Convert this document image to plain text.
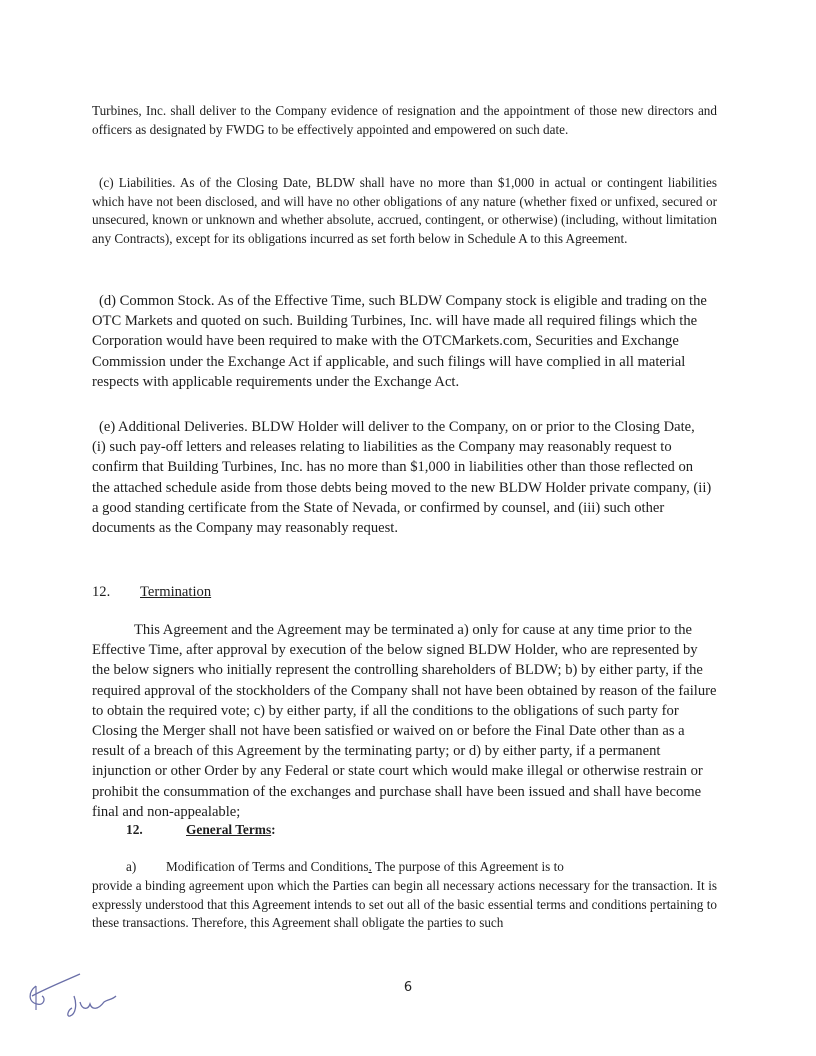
Turbines, Inc. shall deliver to the Company evidence of resignation and the appointment of those new directors and officers as designated by FWDG to be effectively appointed and empowered on such date.

(c) Liabilities. As of the Closing Date, BLDW shall have no more than $1,000 in actual or contingent liabilities which have not been disclosed, and will have no other obligations of any nature (whether fixed or unfixed, secured or unsecured, known or unknown and whether absolute, accrued, contingent, or otherwise) (including, without limitation any Contracts), except for its obligations incurred as set forth below in Schedule A to this Agreement.

(d) Common Stock. As of the Effective Time, such BLDW Company stock is eligible and trading on the OTC Markets and quoted on such. Building Turbines, Inc. will have made all required filings which the Corporation would have been required to make with the OTCMarkets.com, Securities and Exchange Commission under the Exchange Act if applicable, and such filings will have complied in all material respects with applicable requirements under the Exchange Act.

(e) Additional Deliveries. BLDW Holder will deliver to the Company, on or prior to the Closing Date, (i) such pay-off letters and releases relating to liabilities as the Company may reasonably request to confirm that Building Turbines, Inc. has no more than $1,000 in liabilities other than those reflected on the attached schedule aside from those debts being moved to the new BLDW Holder private company, (ii) a good standing certificate from the State of Nevada, or confirmed by counsel, and (iii) such other documents as the Company may reasonably request.

12. Termination

This Agreement and the Agreement may be terminated a) only for cause at any time prior to the Effective Time, after approval by execution of the below signed BLDW Holder, who are represented by the below signers who initially represent the controlling shareholders of BLDW; b) by either party, if the required approval of the stockholders of the Company shall not have been obtained by reason of the failure to obtain the required vote; c) by either party, if all the conditions to the obligations of such party for Closing the Merger shall not have been satisfied or waived on or before the Final Date other than as a result of a breach of this Agreement by the terminating party; or d) by either party, if a permanent injunction or other Order by any Federal or state court which would make illegal or otherwise restrain or prohibit the consummation of the exchanges and purchase shall have been issued and shall have become final and non-appealable;

12.	General Terms:

a) Modification of Terms and Conditions. The purpose of this Agreement is to

provide a binding agreement upon which the Parties can begin all necessary actions necessary for the transaction. It is expressly understood that this Agreement intends to set out all of the basic essential terms and conditions pertaining to these transactions. Therefore, this Agreement shall obligate the parties to such

6
